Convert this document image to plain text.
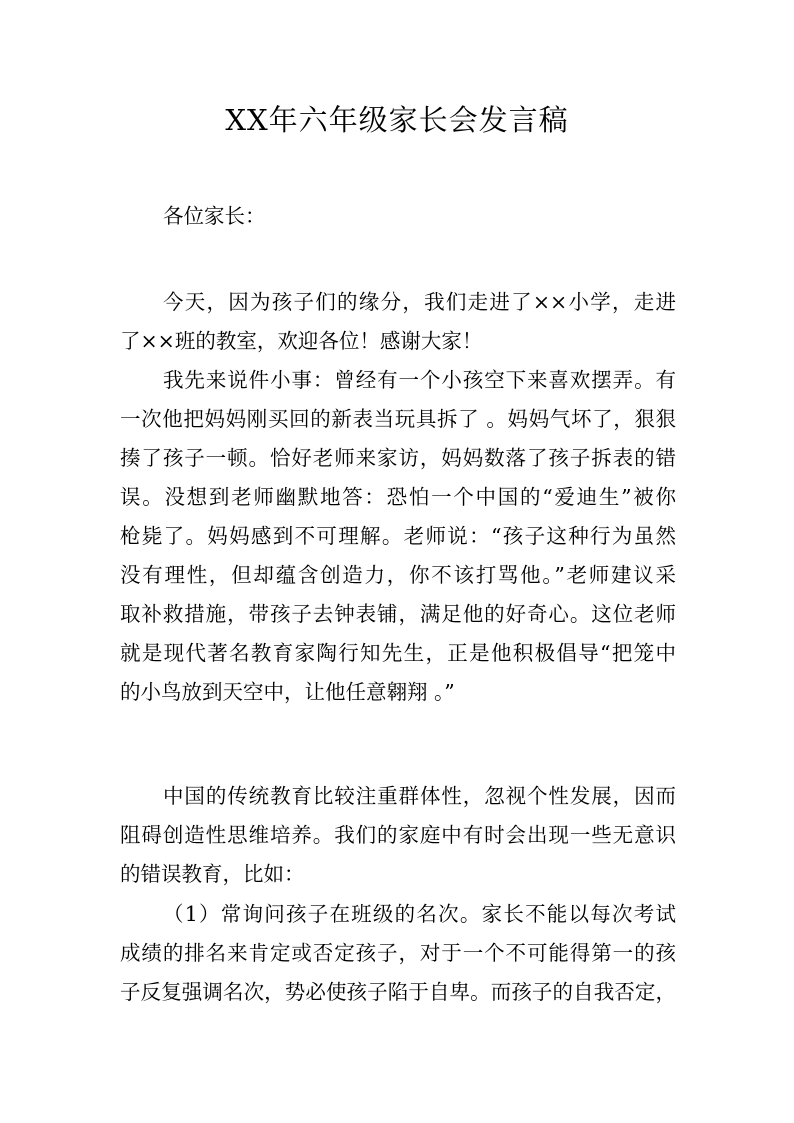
XX年六年级家长会发言稿

各位家长：

今天，因为孩子们的缘分，我们走进了××小学，走进
了××班的教室，欢迎各位！感谢大家！
我先来说件小事：曾经有一个小孩空下来喜欢摆弄。有
一次他把妈妈刚买回的新表当玩具拆了 。妈妈气坏了，狠狠
揍了孩子一顿。恰好老师来家访，妈妈数落了孩子拆表的错
误。没想到老师幽默地答：恐怕一个中国的“爱迪生”被你
枪毙了。妈妈感到不可理解。老师说：“孩子这种行为虽然
没有理性，但却蕴含创造力，你不该打骂他。”老师建议采
取补救措施，带孩子去钟表铺，满足他的好奇心。这位老师
就是现代著名教育家陶行知先生，正是他积极倡导“把笼中
的小鸟放到天空中，让他任意翱翔 。”
中国的传统教育比较注重群体性，忽视个性发展，因而
阻碍创造性思维培养。我们的家庭中有时会出现一些无意识
的错误教育，比如：
（1）常询问孩子在班级的名次。家长不能以每次考试
成绩的排名来肯定或否定孩子，对于一个不可能得第一的孩
子反复强调名次，势必使孩子陷于自卑。而孩子的自我否定，
